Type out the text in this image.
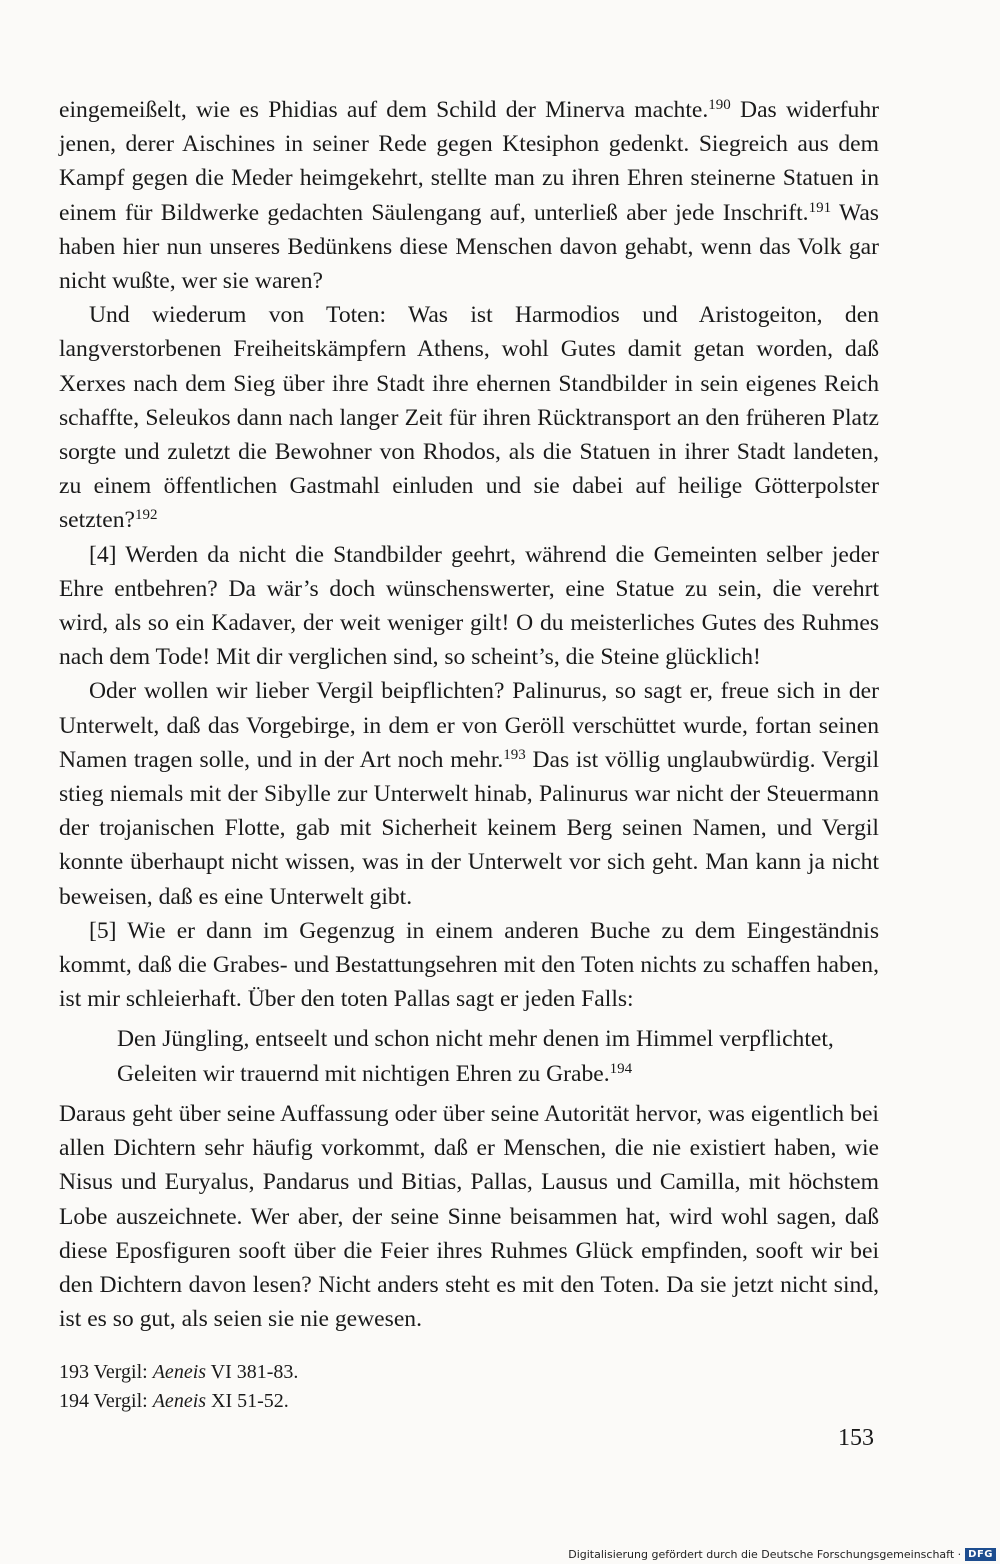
eingemeißelt, wie es Phidias auf dem Schild der Minerva machte.$^{190}$ Das widerfuhr jenen, derer Aischines in seiner Rede gegen Ktesiphon gedenkt. Siegreich aus dem Kampf gegen die Meder heimgekehrt, stellte man zu ihren Ehren steinerne Statuen in einem für Bildwerke gedachten Säulengang auf, unterließ aber jede Inschrift.$^{191}$ Was haben hier nun unseres Bedünkens diese Menschen davon gehabt, wenn das Volk gar nicht wußte, wer sie waren?

Und wiederum von Toten: Was ist Harmodios und Aristogeiton, den langverstorbenen Freiheitskämpfern Athens, wohl Gutes damit getan worden, daß Xerxes nach dem Sieg über ihre Stadt ihre ehernen Standbilder in sein eigenes Reich schaffte, Seleukos dann nach langer Zeit für ihren Rücktransport an den früheren Platz sorgte und zuletzt die Bewohner von Rhodos, als die Statuen in ihrer Stadt landeten, zu einem öffentlichen Gastmahl einluden und sie dabei auf heilige Götterpolster setzten?$^{192}$

[4] Werden da nicht die Standbilder geehrt, während die Gemeinten selber jeder Ehre entbehren? Da wär’s doch wünschenswerter, eine Statue zu sein, die verehrt wird, als so ein Kadaver, der weit weniger gilt! O du meisterliches Gutes des Ruhmes nach dem Tode! Mit dir verglichen sind, so scheint’s, die Steine glücklich!

Oder wollen wir lieber Vergil beipflichten? Palinurus, so sagt er, freue sich in der Unterwelt, daß das Vorgebirge, in dem er von Geröll verschüttet wurde, fortan seinen Namen tragen solle, und in der Art noch mehr.$^{193}$ Das ist völlig unglaubwürdig. Vergil stieg niemals mit der Sibylle zur Unterwelt hinab, Palinurus war nicht der Steuermann der trojanischen Flotte, gab mit Sicherheit keinem Berg seinen Namen, und Vergil konnte überhaupt nicht wissen, was in der Unterwelt vor sich geht. Man kann ja nicht beweisen, daß es eine Unterwelt gibt.

[5] Wie er dann im Gegenzug in einem anderen Buche zu dem Eingeständnis kommt, daß die Grabes- und Bestattungsehren mit den Toten nichts zu schaffen haben, ist mir schleierhaft. Über den toten Pallas sagt er jeden Falls:

Den Jüngling, entseelt und schon nicht mehr denen im Himmel verpflichtet,
Geleiten wir trauernd mit nichtigen Ehren zu Grabe.$^{194}$

Daraus geht über seine Auffassung oder über seine Autorität hervor, was eigentlich bei allen Dichtern sehr häufig vorkommt, daß er Menschen, die nie existiert haben, wie Nisus und Euryalus, Pandarus und Bitias, Pallas, Lausus und Camilla, mit höchstem Lobe auszeichnete. Wer aber, der seine Sinne beisammen hat, wird wohl sagen, daß diese Eposfiguren sooft über die Feier ihres Ruhmes Glück empfinden, sooft wir bei den Dichtern davon lesen? Nicht anders steht es mit den Toten. Da sie jetzt nicht sind, ist es so gut, als seien sie nie gewesen.

193 Vergil: Aeneis VI 381-83.
194 Vergil: Aeneis XI 51-52.
153
Digitalisierung gefördert durch die Deutsche Forschungsgemeinschaft · DFG
